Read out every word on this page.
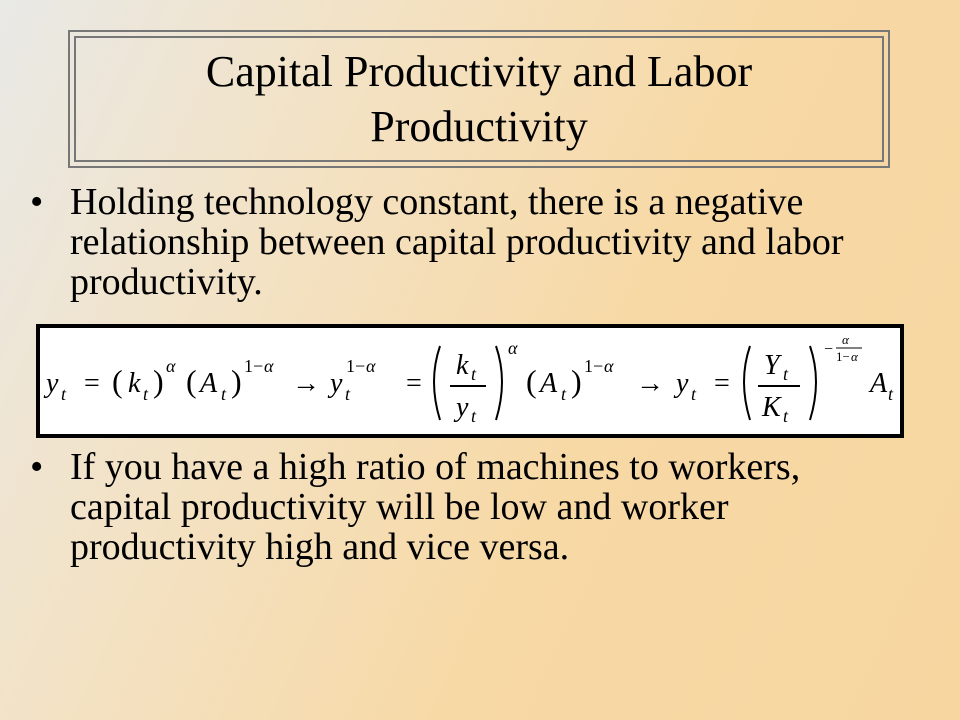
Capital Productivity and Labor Productivity
• Holding technology constant, there is a negative relationship between capital productivity and labor productivity.
y t = ( k t ) α ( A t ) 1− α
→ y t
1− α
=
k t
y t
α
( A t ) 1− α
→ y t =
Y t
K t
−
α
1− α
A t
• If you have a high ratio of machines to workers, capital productivity will be low and worker productivity high and vice versa.
